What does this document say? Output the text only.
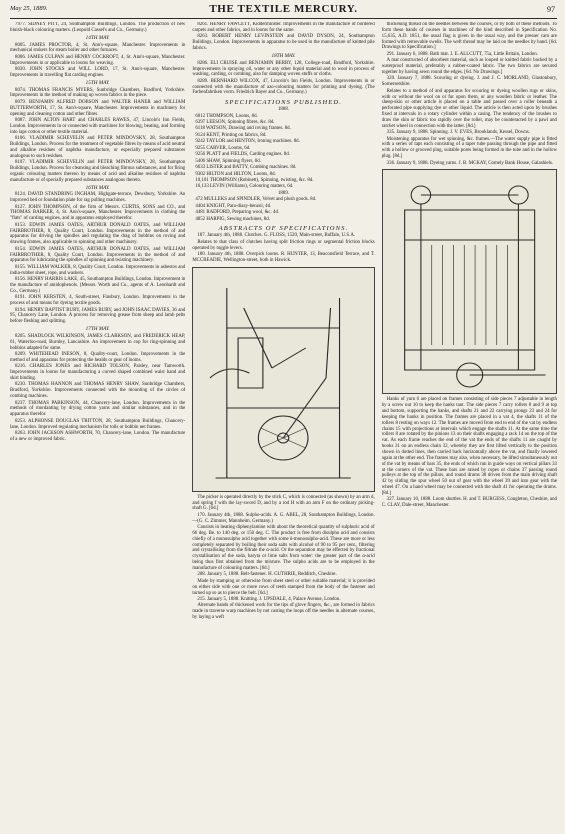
May 25, 1889.	THE TEXTILE MERCURY.	97

7977. SIDNEY PITT, 24, Southampton Buildings, London. The production of new bluish-black colouring matters. (Leopold Cassel's and Co., Germany.)

14TH MAY.

8005. JAMES PROCTOR, 4, St. Ann's-square, Manchester. Improvements in mechanical stokers for steam boiler and other furnaces.

8006. JAMES CULPAN and HENRY COCKROFT, 4, St. Ann's-square, Manchester. Improvements in or applicable to looms for weaving.

8030. JOHN STOCKS and WILL LORD, 17, St. Ann's-square, Manchester. Improvements in travelling flat carding engines.

15TH MAY.

8074. THOMAS FRANCIS MYERS, Sunbridge Chambers, Bradford, Yorkshire. Improvements in the method of making up woven fabrics in the piece.

8079. BENJAMIN ALFRED DOBSON and WALTER HANER and WILLIAM BUTTERWORTH, 17, St. Ann's-square, Manchester. Improvements in machinery for opening and cleaning cotton and other fibres.

8087. JOHN ALTON HART and CHARLES RAWES, 47, Lincoln's Inn Fields, London. Improvements in or connected with machines for blowing, beating, and forming into laps cotton or other textile material.

8106. VLADIMIR SCHEVELIN and PETER MINDOVSKY, 28, Southampton Buildings, London. Process for the treatment of vegetable fibres by means of acid neutral and alkaline residues of naphtha manufacture, or especially prepared substances analogous to such residues.

8107. VLADIMIR SCHEVELIN and PETER MINDOVSKY, 28, Southampton Buildings, London. Process for cleansing and bleaching fibrous substances, and for firing organic colouring matters thereon by means of acid and alkaline residues of naphtha manufacture or of specially prepared substances analogous thereto.

16TH MAY.

8124. DAVID STANDRING INGHAM, Highgate-terrace, Dewsbury, Yorkshire. An improved bed or foundation plate for rag pulling machines.

8127. JOHN THOMPSON, of the firm of Messrs. CURTIS, SONS and CO., and THOMAS BARKER, 4, St. Ann's-square, Manchester. Improvements in clothing the "flats" of carding engines, and in apparatus employed therefor.

8153. EDWIN JAMES OATES, ARTHUR DONALD OATES, and WILLIAM FAIRBROTHER, 8, Quality Court, London. Improvements in the method of and apparatus for driving the spindles and regulating the drag of bobbins on roving and drawing frames, also applicable to spinning and other machinery.

8154. EDWIN JAMES OATES, ARTHUR DONALD OATES, and WILLIAM FAIRBROTHER, 8, Quality Court, London. Improvements in the method of and apparatus for lubricating the spindles of spinning and twisting machinery.

8155. WILLIAM WALKER, 8, Quality Court, London. Improvements in asbestos and india-rubber sheet, rope, and washers.

8156. HENRY HARRIS LAKE, 45, Southampton Buildings, London. Improvement in the manufacture of amidophenols. (Messrs. Worth and Co., agents of A. Leonhardt and Co., Germany.)

8191. JOHN KERSTEN, 4, South-street, Finsbury, London. Improvements in the process of and means for dyeing textile goods.

8194. HENRY BAPTIST BURY, JAMES BURY, and JOHN ISAAC DAVIES, 36 and 95, Chancery Lane, London. A process for removing grease from sheep and lamb pelts before fleshing and splitting.

17TH MAY.

8205. SHADLOCK WILKINSON, JAMES CLARKSON, and FREDERICK HEAP, 61, Waterloo-road, Burnley, Lancashire. An improvement in cop for ring-spinning and bobbins adapted for same.

8209. WHITEHEAD INESON, 8, Quality-court, London. Improvements in the method of and apparatus for protecting the healds or gear of looms.

8216. CHARLES JONES and RICHARD TOLSON, Paisley, near Tamworth. Improvements in looms for manufacturing a curved shaped combined waist band and skirt binding.

8230. THOMAS HANNON and THOMAS HENRY SHAW, Sunbridge Chambers, Bradford, Yorkshire. Improvements connected with the mounting of the circles of combing machines.

8237. THOMAS PARKINSON, 44, Chancery-lane, London. Improvements in the methods of mordanting by drying cotton yarns and similar substances, and in the apparatus therefor.

8253. ALPHONSE DOUGLAS TRITTON, 28, Southampton Buildings, Chancery-lane, London. Improved regulating mechanism for tolls or bobbin net frames.

8263. JOHN JACKSON ASHWORTH, 70, Chancery-lane, London. The manufacture of a new or improved fabric.

8261. HENRY FAWCETT, Kidderminster. Improvements in the manufacture of bordered carpets and other fabrics, and in looms for the same.

8263. ROBERT HENRY LEVINSTEIN and DAVID DYSON, 24, Southampton Buildings, London. Improvements in apparatus to be used in the manufacture of knitted pile fabrics.

18TH MAY.

8286. ELI CRUISE and BENJAMIN BERRY, 128, College-road, Bradford, Yorkshire. Improvements in spraying oil, water or any other liquid material and to wool in process of washing, carding, or combing, also for damping woven stuffs or cloths.

8289. BERNHARD WILCOX, 47, Lincoln's Inn Fields, London. Improvements in or connected with the manufacture of azo-colouring matters for printing and dyeing. (The Farbenfabriken vorm. Friedrich Bayer and Co., Germany.)

SPECIFICATIONS PUBLISHED.

1888.

6012 THOMPSON, Looms, 8d.

6397 LEESON, Spinning fibres, &c. 8d.

6118 WATSON, Drawing and roving frames. 8d.

9124 KENT, Printing on fabrics, 8d.

9242 TAYLOR and HENTON, Ironing machines. 8d.

9255 CARVER, Looms, 6d.

9256 PLATT and FIELDS, Carding engines. 8d.

5406 SHAW, Spinning flyers, 8d.

6633 LISTER and BATTY, Combing machines. 8d.

9302 HILTON and HILTON, Looms, 8d.

10,101 THOMPSON (Robinett), Spinning, twisting, &c. 8d.

16,133 LEVIN (Williams), Colouring matters, 6d.

1889.

472 MULLEKS and SPINDLER, Velvet and plush goods. 8d.

4404 KNIGHT, Para-diazy-benzol, 4d.

4481 RADFORD, Preparing wool, &c. 4d.

4852 HARPIG, Sewing machines, 8d.

ABSTRACTS OF SPECIFICATIONS.

187. January 4th, 1888. Clutches. G. FLOSS, 1520, Main-street, Buffalo, U.S.A.

Relates to that class of clutches having split friction rings or segmental friction blocks operated by toggle levers.

180. January 4th, 1888. Overpick looms. R. HUNTER, 13, Beaconsfield Terrace, and T. MCCREADIE, Wellington-street, both in Hawick.

The picker is operated directly by the stick C, which is connected (as shown) by an arm d, and spring f with the lay-sword D, and by a rod H with an arm F on the ordinary picking-shaft G. [6d.]

170. January 4th, 1888. Sulpho-acids. A. G. ABEL, 28, Southampton Buildings, London.—(G. C. Zimmer, Mannheim, Germany.)

Consists in heating diphenylamine with about the theoretical quantity of sulphuric acid of 66 deg. Be. to 140 deg. or 150 deg. C. The product is free from disulpho acid and consists chiefly of a monosulpho acid together with some δ-monosulpho-acid. These are more or less completely separated by boiling their soda salts with alcohol of 90 to 95 per cent., filtering and crystallising from the filtrate the α-acid. Or the separation may be effected by fractional crystallisation of the soda, baryta or lime salts from water: the greater part of the α-acid being thus first obtained from the mixture. The sulpho acids are to be employed in the manufacture of colouring matters. [6d.]

208. January 5, 1888. Belt-fastener. H. GUTHRIE, Redditch, Cheshire.

Made by stamping or otherwise from sheet steel or other suitable material; it is provided on either side with one or more rows of teeth stamped from the body of the fastener and turned up so as to pierce the belt. [6d.]

215. January 5, 1888. Knitting. J. UPSDALE, 4, Palace Avenue, London.

Alternate bands of thickened work for the tips of glove fingers, &c., are formed in fabrics made in traverse warp machines by not casting the loops off the needles in alternate courses, by laying a weft

thickening thread on the needles between the courses, or by both of these methods. To form these bands of courses in machines of the kind described in Specification No. 15,635, A.D. 1851, the usual flag is given in the usual way, and the presser cam are formed with removable swells. The weft thread may be laid on the needles by hand. [6d. Drawings to Specification.]

291. January 6, 1888. Bath mat. J. E. ALLCUTT, 75a, Little Britain, London.

A mat constructed of absorbent material, such as looped or knitted fabric backed by a waterproof material, preferably a rubber-coated fabric. The two fabrics are secured together by having sewn round the edges. [6d. No Drawings.]

320. January 7, 1888. Scouring or dyeing. J. and J. C. MORLAND, Glastonbury, Somersetshire.

Relates to a method of and apparatus for scouring or dyeing woollen rugs or skins, with or without the wool on or fur upon them, or any woollen fabric or leather. The sheep-skin or other article is placed on a table and passed over a roller beneath a perforated pipe supplying dye or other liquid. The article is then acted upon by brushes fixed at intervals in a rotary cylinder within a casing. The tendency of the brushes to draw the skin or fabric too rapidly over the roller, may be counteracted by a pawl and ratchet wheel in connection with the latter. [8d.]

335. January 9, 1888. Spinning. J. V. EVES, Brooklands, Kessel, Downs.

Moistening apparatus for wet spinning, &c. frames.—The water supply pipe is fitted with a series of taps each consisting of a taper tube passing through the pipe and fitted with a hollow or grooved plug, suitable pores being formed in the tube and in the hollow plug. [8d.]

336. January 9, 1888. Dyeing yarns. J. B. MCKAY, Comely Bank House, Galashiels.

Hanks of yarn 6 are placed on frames consisting of side pieces 7 adjustable in length by a screw nut 10 to keep the hanks taut. The side pieces 7 carry rollers 8 and 9 at top and bottom, supporting the hanks, and shafts 21 and 22 carrying prongs 23 and 24 for keeping the hanks in position. The frames are placed in a vat 4, the shafts 11 of the rollers 8 resting on ways 12. The frames are moved from end to end of the vat by endless chains 15 with projections at intervals which engage the shafts 11. At the same time the rollers 8 are rotated by the pinions 13 on their shafts engaging a rack 14 on the top of the vat. As each frame reaches the end of the vat the ends of the shafts 11 are caught by hooks 31 on an endless chain 32, whereby they are first lifted vertically to the position shown in dotted lines, then carried back horizontally above the vat, and finally lowered again at the other end. The frames may also, when necessary, be lifted simultaneously out of the vat by means of bars 35, the ends of which run in guide ways on vertical pillars 33 at the corners of the vat. These bars are raised by ropes or chains 37 passing round pulleys at the top of the pillars, and round drums 38 driven from the main driving shaft 42 by sliding the spur wheel 50 out of gear with the wheel 39 and into gear with the wheel 47. On a hand wheel may be connected with the shaft 41 for operating the drums. [8d.]

327. January 10, 1888. Loom shuttles. H. and T. BURGESS, Congleton, Cheshire, and C. CLAY, Dale-street, Manchester.
